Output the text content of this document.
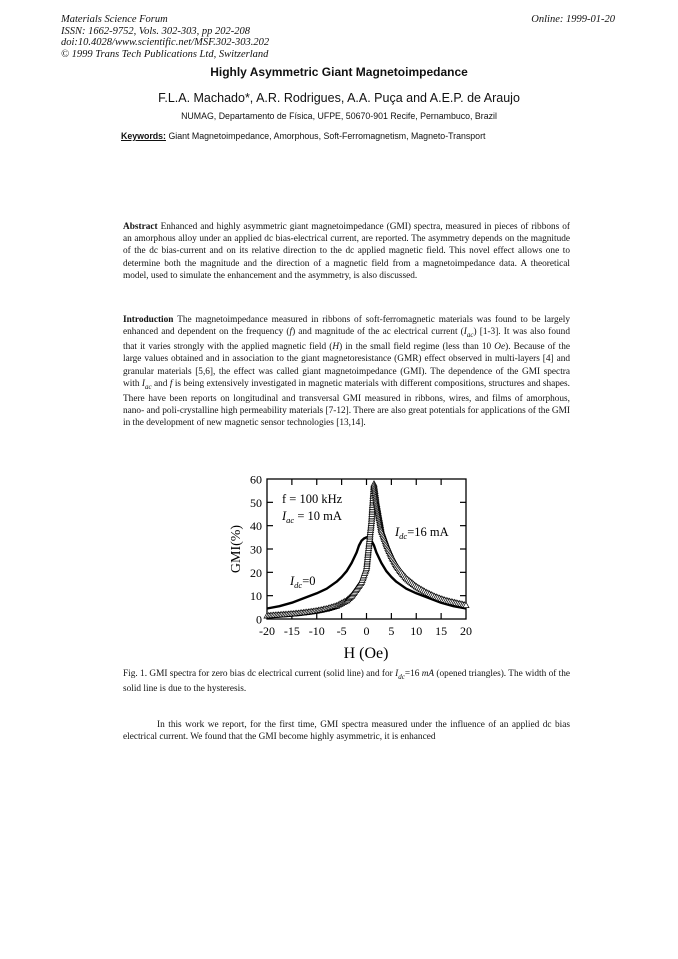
Materials Science Forum
ISSN: 1662-9752, Vols. 302-303, pp 202-208
doi:10.4028/www.scientific.net/MSF.302-303.202
© 1999 Trans Tech Publications Ltd, Switzerland
Online: 1999-01-20
Highly Asymmetric Giant Magnetoimpedance
F.L.A. Machado*, A.R. Rodrigues, A.A. Puça and A.E.P. de Araujo
NUMAG, Departamento de Física, UFPE, 50670-901 Recife, Pernambuco, Brazil
Keywords: Giant Magnetoimpedance, Amorphous, Soft-Ferromagnetism, Magneto-Transport

Abstract Enhanced and highly asymmetric giant magnetoimpedance (GMI) spectra, measured in pieces of ribbons of an amorphous alloy under an applied dc bias-electrical current, are reported. The asymmetry depends on the magnitude of the dc bias-current and on its relative direction to the dc applied magnetic field. This novel effect allows one to determine both the magnitude and the direction of a magnetic field from a magnetoimpedance data. A theoretical model, used to simulate the enhancement and the asymmetry, is also discussed.

Introduction The magnetoimpedance measured in ribbons of soft-ferromagnetic materials was found to be largely enhanced and dependent on the frequency (f) and magnitude of the ac electrical current $(I_{ac})$ [1-3]. It was also found that it varies strongly with the applied magnetic field (H) in the small field regime (less than 10 Oe). Because of the large values obtained and in association to the giant magnetoresistance (GMR) effect observed in multi-layers [4] and granular materials [5,6], the effect was called giant magnetoimpedance (GMI). The dependence of the GMI spectra with $I_{ac}$ and f is being extensively investigated in magnetic materials with different compositions, structures and shapes. There have been reports on longitudinal and transversal GMI measured in ribbons, wires, and films of amorphous, nano- and poli-crystalline high permeability materials [7-12]. There are also great potentials for applications of the GMI in the development of new magnetic sensor technologies [13,14].

0
10
20
30
40
50
60
-20 -15 -10 -5 0 5 10 15 20
f = 100 kHz
$I_{ac} = 10$ mA
$I_{dc}=16$ mA
$I_{dc}=0$
GMI(%)
H (Oe)

Fig. 1. GMI spectra for zero bias dc electrical current (solid line) and for $I_{dc}=16$ mA (opened triangles). The width of the solid line is due to the hysteresis.

In this work we report, for the first time, GMI spectra measured under the influence of an applied dc bias electrical current. We found that the GMI become highly asymmetric, it is enhanced
